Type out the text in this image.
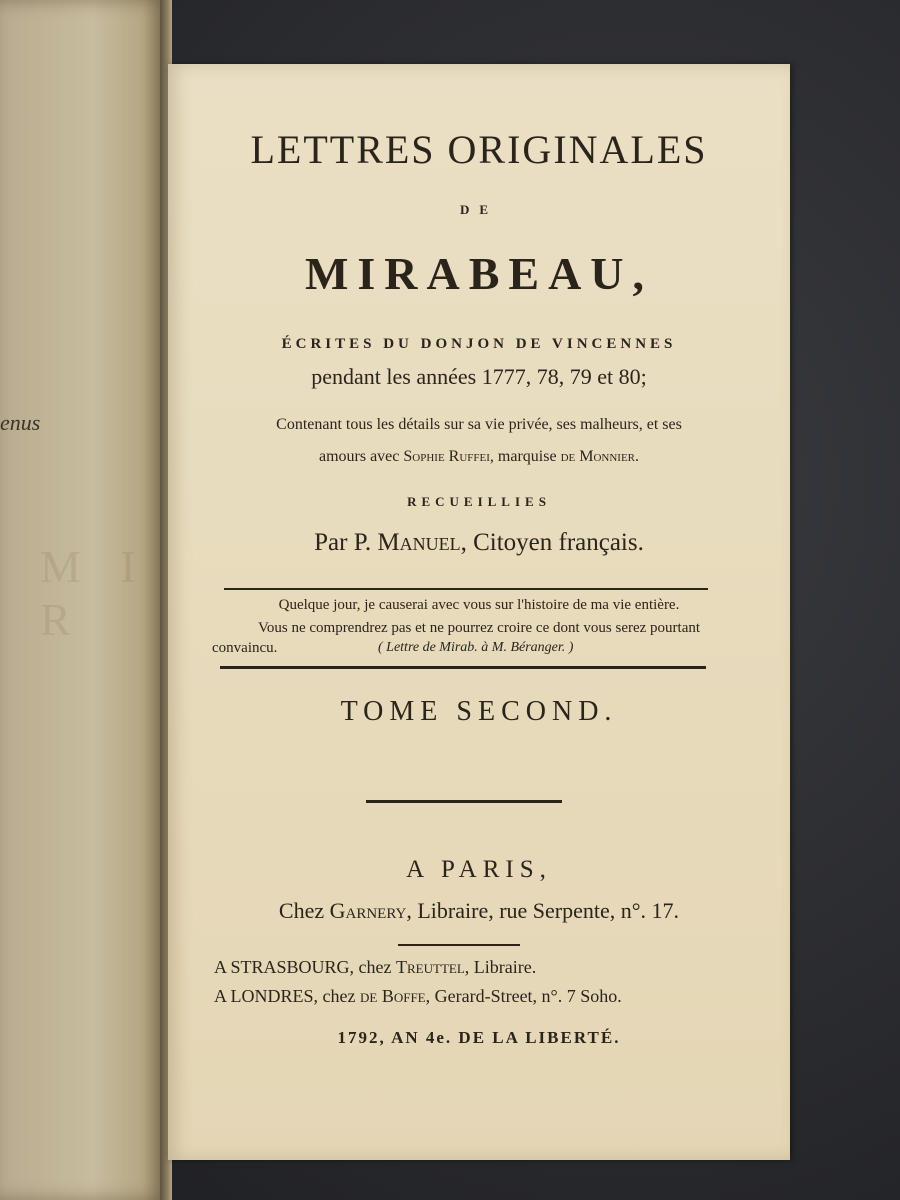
M I R
enus
LETTRES ORIGINALES
DE
MIRABEAU,
ÉCRITES DU DONJON DE VINCENNES
pendant les années 1777, 78, 79 et 80;
Contenant tous les détails sur sa vie privée, ses malheurs, et ses
amours avec Sophie Ruffei, marquise de Monnier.
RECUEILLIES
Par P. Manuel, Citoyen français.
Quelque jour, je causerai avec vous sur l'histoire de ma vie entière.
Vous ne comprendrez pas et ne pourrez croire ce dont vous serez pourtant
convaincu.	( Lettre de Mirab. à M. Béranger. )
TOME SECOND.
A PARIS,
Chez Garnery, Libraire, rue Serpente, n°. 17.
A STRASBOURG, chez Treuttel, Libraire.
A LONDRES, chez de Boffe, Gerard-Street, n°. 7 Soho.
1792, AN 4e. DE LA LIBERTÉ.
